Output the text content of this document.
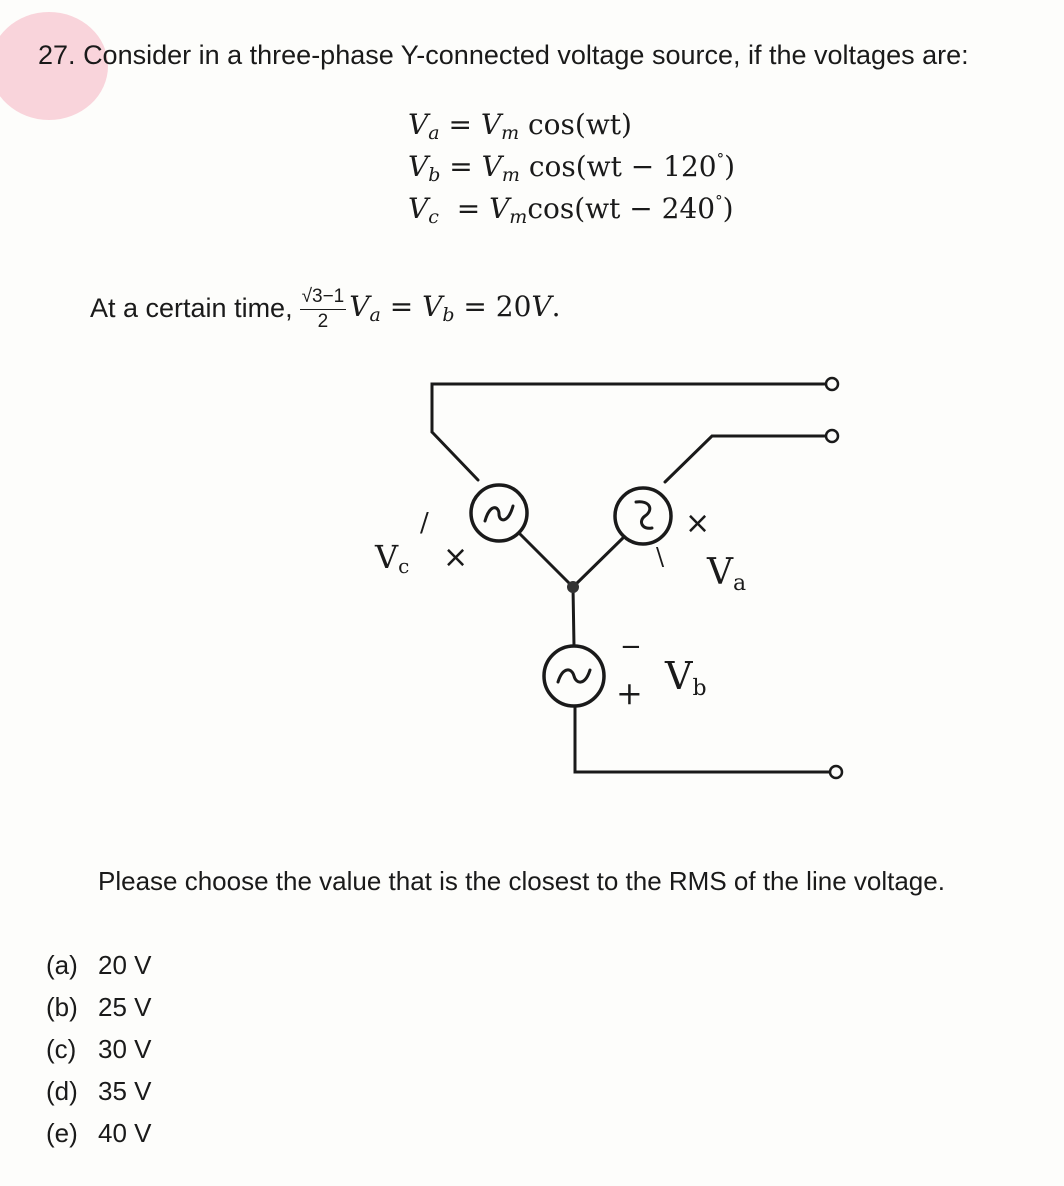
27. Consider in a three-phase Y-connected voltage source, if the voltages are:
$V_a = V_m$ cos(wt)
$V_b = V_m$ cos(wt − 120°)
$V_c = V_m\cos(wt - 240^\circ)$
At a certain time, $\frac{√3-1}{2} V_a = V_b = 20V$.
/
Vc ×
×
\ Va
−
+ Vb
Please choose the value that is the closest to the RMS of the line voltage.
(a) 20 V
(b) 25 V
(c) 30 V
(d) 35 V
(e) 40 V
